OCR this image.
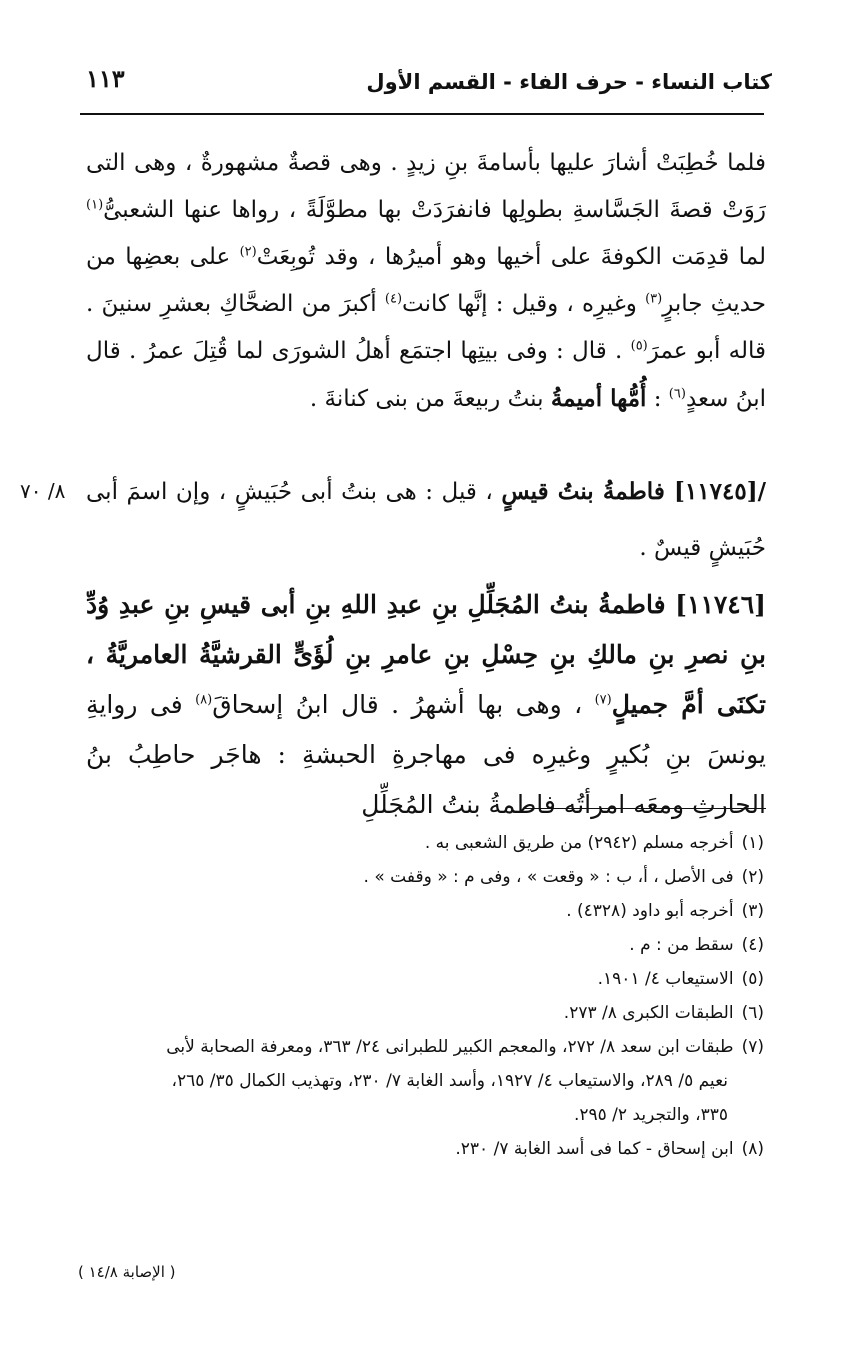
كتاب النساء - حرف الفاء - القسم الأول
١١٣

فلما خُطِبَتْ أشارَ عليها بأسامةَ بنِ زيدٍ . وهى قصةٌ مشهورةٌ ، وهى التى رَوَتْ قصةَ الجَسَّاسةِ بطولِها فانفرَدَتْ بها مطوَّلَةً ، رواها عنها الشعبىُّ$^{(١)}$ لما قدِمَت الكوفةَ على أخيها وهو أميرُها ، وقد تُوبِعَتْ$^{(٢)}$ على بعضِها من حديثِ جابرٍ$^{(٣)}$ وغيرِه ، وقيل : إنَّها كانت$^{(٤)}$ أكبرَ من الضحَّاكِ بعشرِ سنينَ . قاله أبو عمرَ$^{(٥)}$ . قال : وفى بيتِها اجتمَع أهلُ الشورَى لما قُتِلَ عمرُ . قال ابنُ سعدٍ$^{(٦)}$ : أُمُّها أميمةُ بنتُ ربيعةَ من بنى كنانةَ .

/[١١٧٤٥] فاطمةُ بنتُ قيسٍ ، قيل : هى بنتُ أبى حُبَيشٍ ، وإن اسمَ أبى حُبَيشٍ قيسٌ .
٨/ ٧٠
[١١٧٤٦] فاطمةُ بنتُ المُجَلِّلِ بنِ عبدِ اللهِ بنِ أبى قيسِ بنِ عبدِ وُدِّ بنِ نصرِ بنِ مالكِ بنِ حِسْلِ بنِ عامرِ بنِ لُؤَىٍّ القرشيَّةُ العامريَّةُ ، تكنَى أمَّ جميلٍ$^{(٧)}$ ، وهى بها أشهرُ . قال ابنُ إسحاقَ$^{(٨)}$ فى روايةِ يونسَ بنِ بُكيرٍ وغيرِه فى مهاجرةِ الحبشةِ : هاجَر حاطِبُ بنُ الحارثِ ومعَه امرأتُه فاطمةُ بنتُ المُجَلِّلِ

(١)أخرجه مسلم (٢٩٤٢) من طريق الشعبى به .

(٢)فى الأصل ، أ، ب : « وقعت » ، وفى م : « وقفت » .

(٣)أخرجه أبو داود (٤٣٢٨) .

(٤)سقط من : م .

(٥)الاستيعاب ٤/ ١٩٠١.

(٦)الطبقات الكبرى ٨/ ٢٧٣.

(٧)طبقات ابن سعد ٨/ ٢٧٢، والمعجم الكبير للطبرانى ٢٤/ ٣٦٣، ومعرفة الصحابة لأبى

نعيم ٥/ ٢٨٩، والاستيعاب ٤/ ١٩٢٧، وأسد الغابة ٧/ ٢٣٠، وتهذيب الكمال ٣٥/ ٢٦٥،

٣٣٥، والتجريد ٢/ ٢٩٥.

(٨)ابن إسحاق - كما فى أسد الغابة ٧/ ٢٣٠.

( الإصابة ١٤/٨ )
